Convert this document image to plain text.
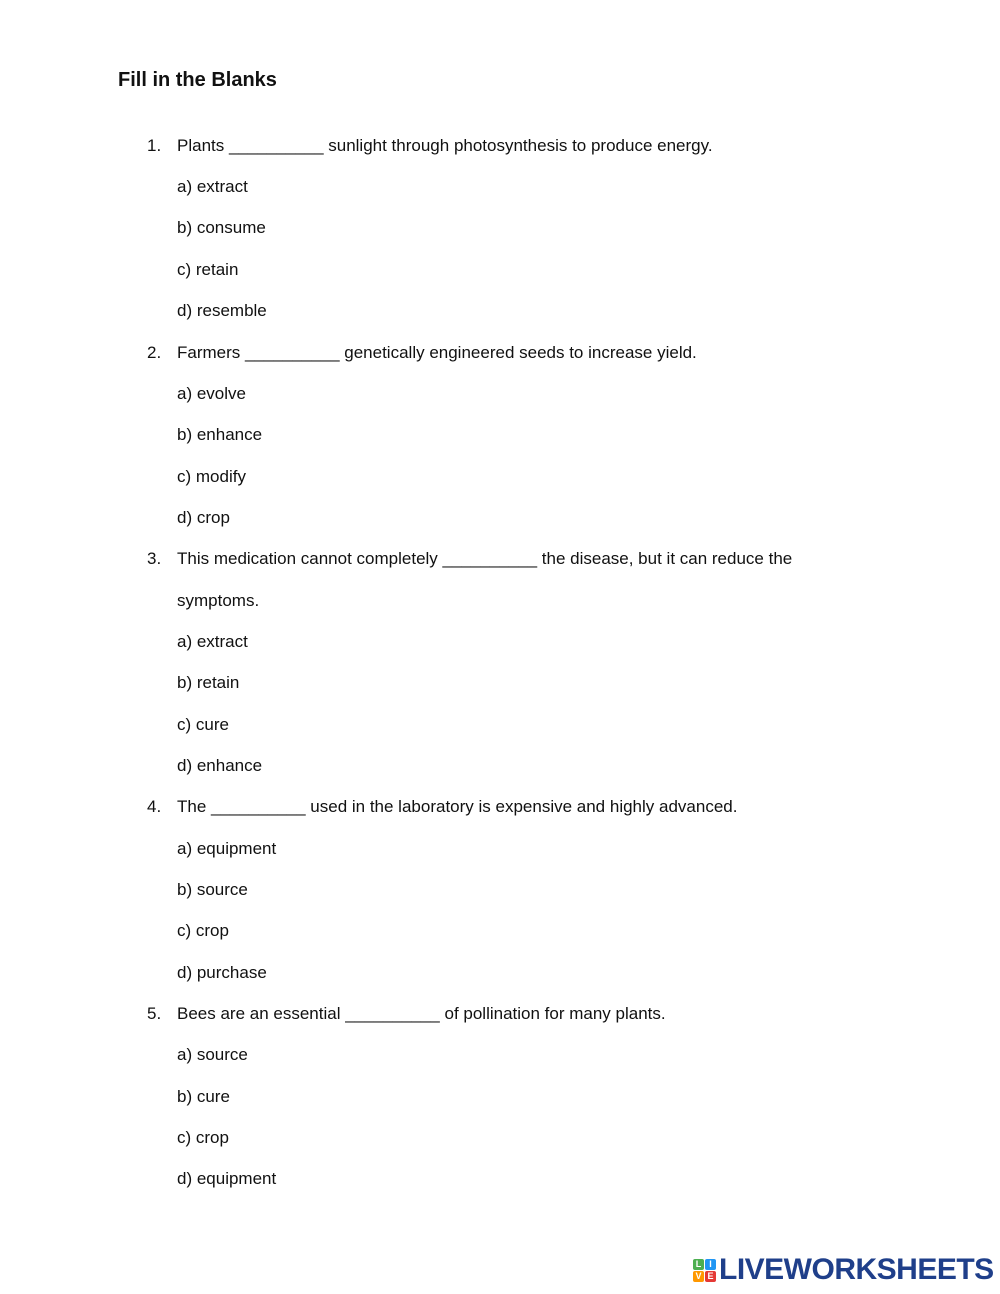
Fill in the Blanks
1. Plants __________ sunlight through photosynthesis to produce energy.
a) extract
b) consume
c) retain
d) resemble
2. Farmers __________ genetically engineered seeds to increase yield.
a) evolve
b) enhance
c) modify
d) crop
3. This medication cannot completely __________ the disease, but it can reduce the
symptoms.
a) extract
b) retain
c) cure
d) enhance
4. The __________ used in the laboratory is expensive and highly advanced.
a) equipment
b) source
c) crop
d) purchase
5. Bees are an essential __________ of pollination for many plants.
a) source
b) cure
c) crop
d) equipment
L I
V E LIVEWORKSHEETS
